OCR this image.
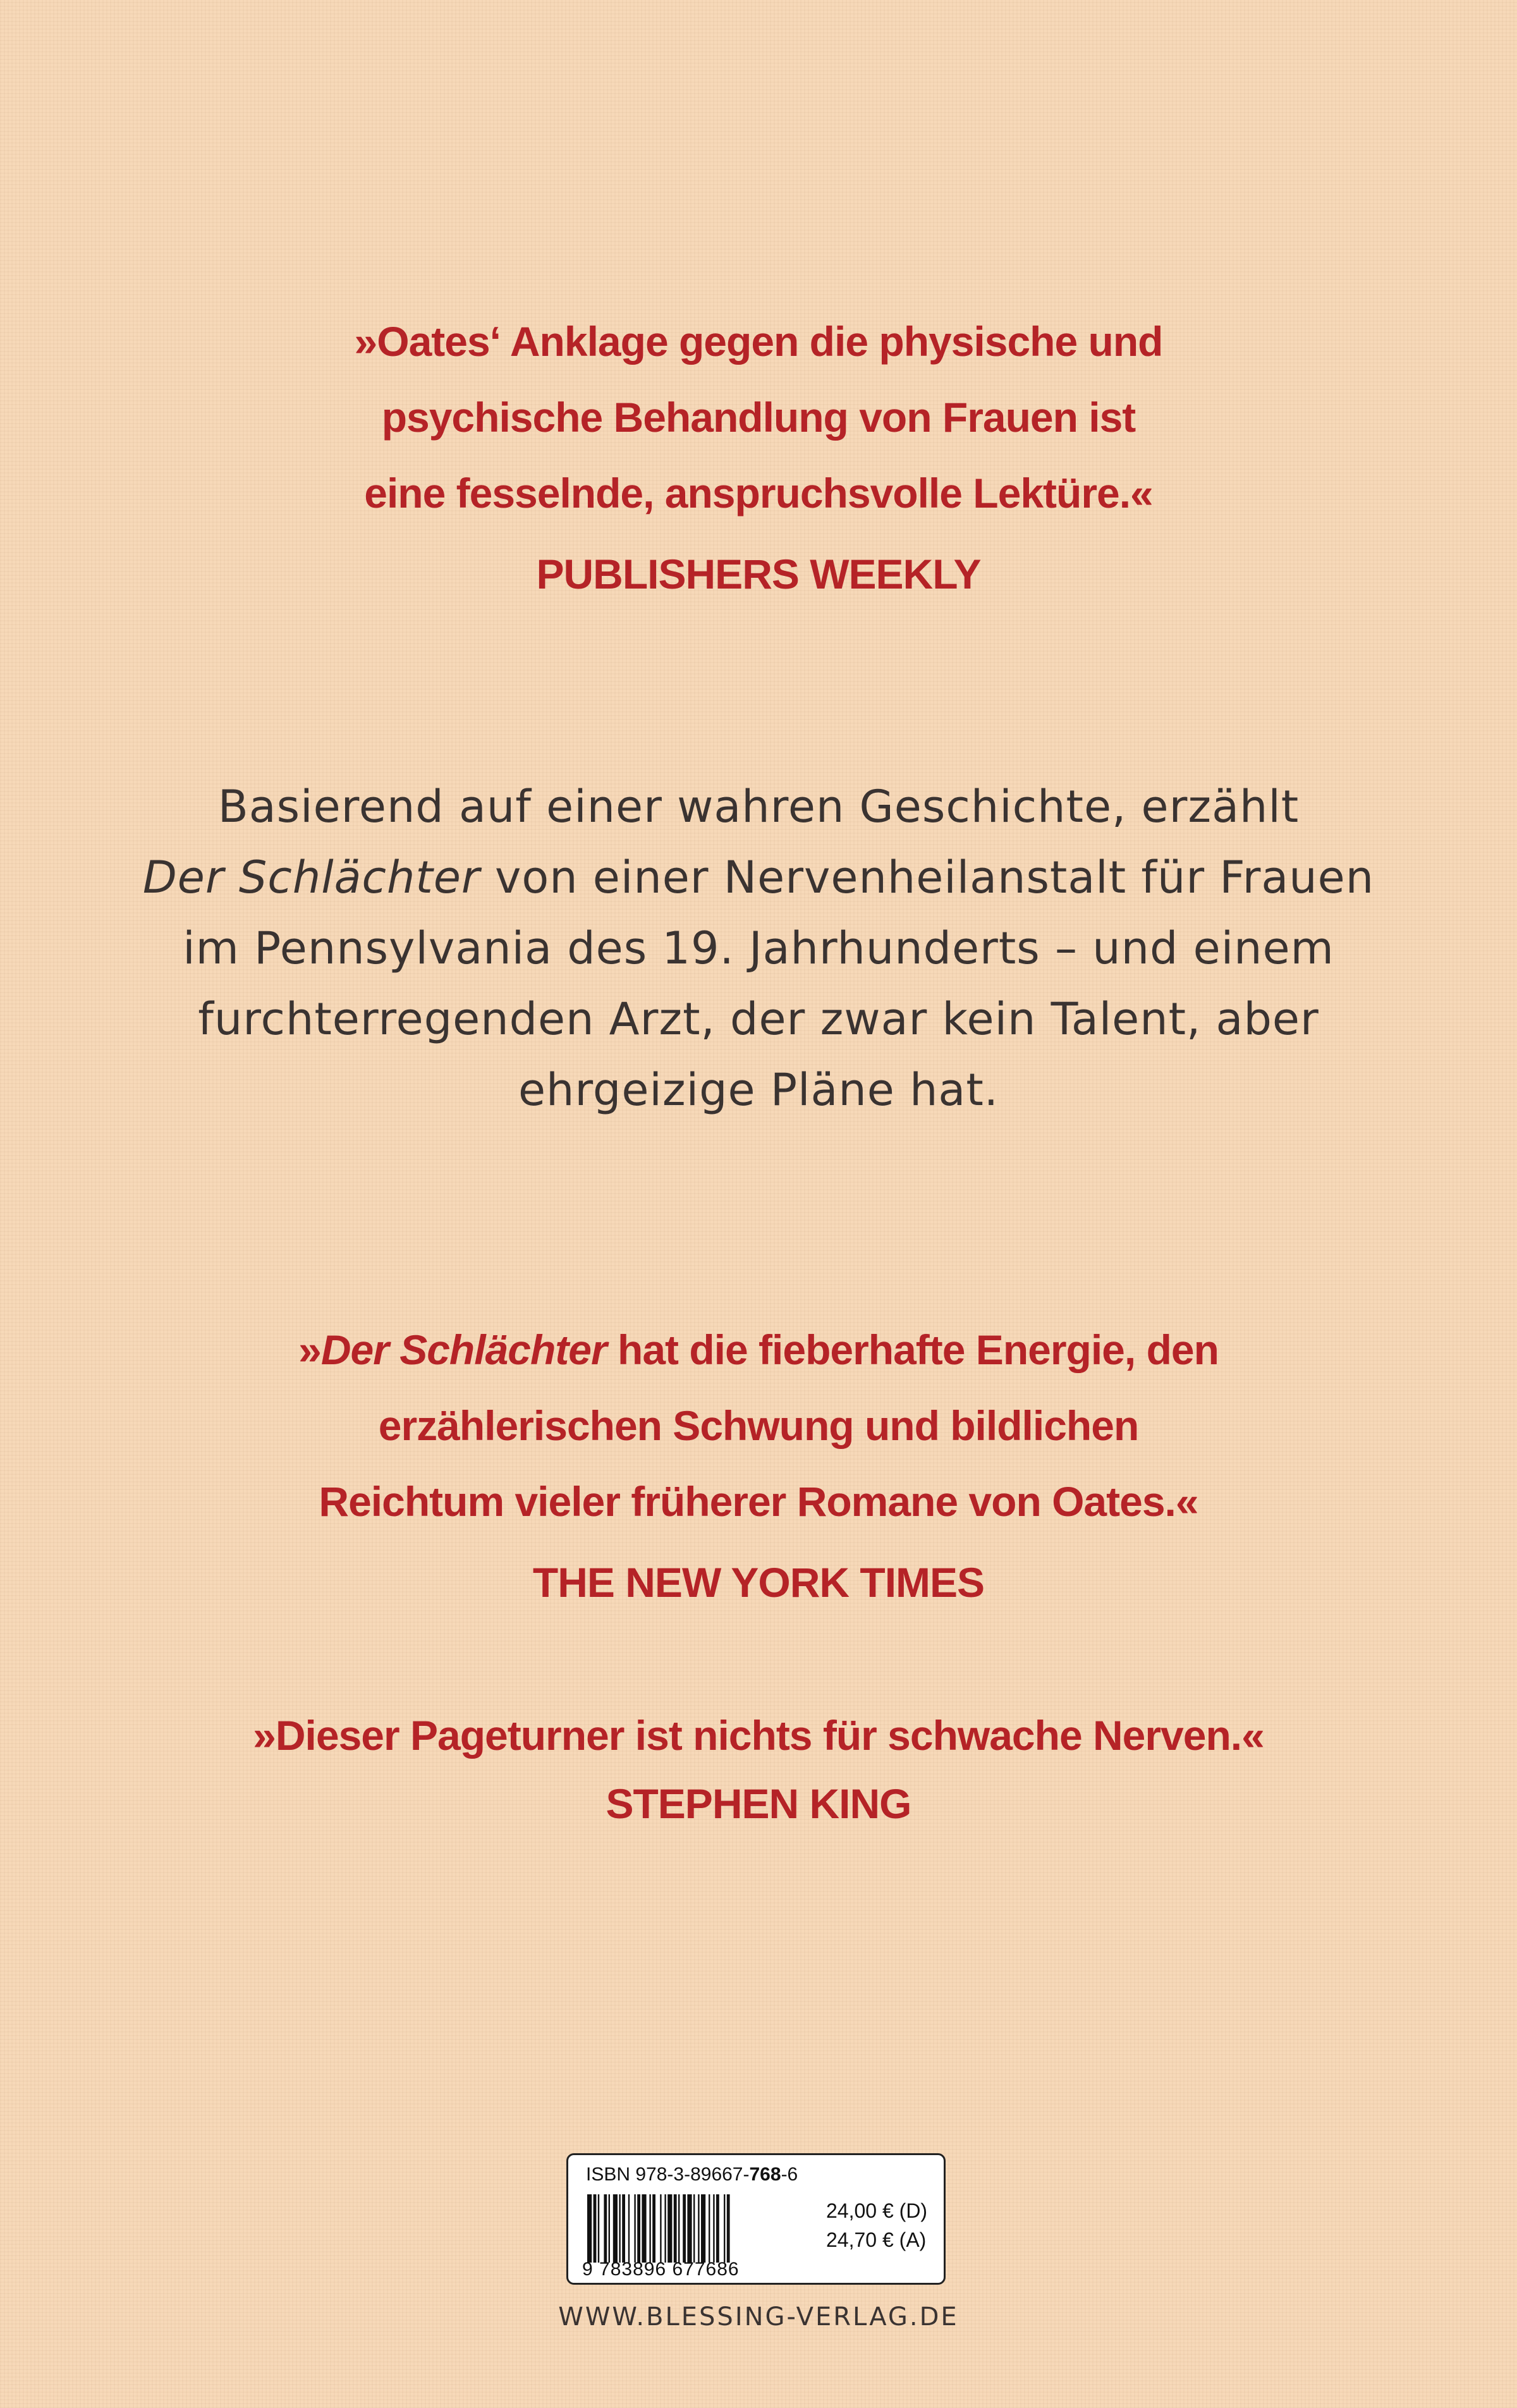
»Oates‘ Anklage gegen die physische und
psychische Behandlung von Frauen ist
eine fesselnde, anspruchsvolle Lektüre.«
PUBLISHERS WEEKLY
Basierend auf einer wahren Geschichte, erzählt
Der Schlächter von einer Nervenheilanstalt für Frauen
im Pennsylvania des 19. Jahrhunderts – und einem
furchterregenden Arzt, der zwar kein Talent, aber
ehrgeizige Pläne hat.
»Der Schlächter hat die fieberhafte Energie, den
erzählerischen Schwung und bildlichen
Reichtum vieler früherer Romane von Oates.«
THE NEW YORK TIMES
»Dieser Pageturner ist nichts für schwache Nerven.«
STEPHEN KING
ISBN 978-3-89667-768-6
9 783896 677686
24,00 € (D)
24,70 € (A)
WWW.BLESSING-VERLAG.DE
